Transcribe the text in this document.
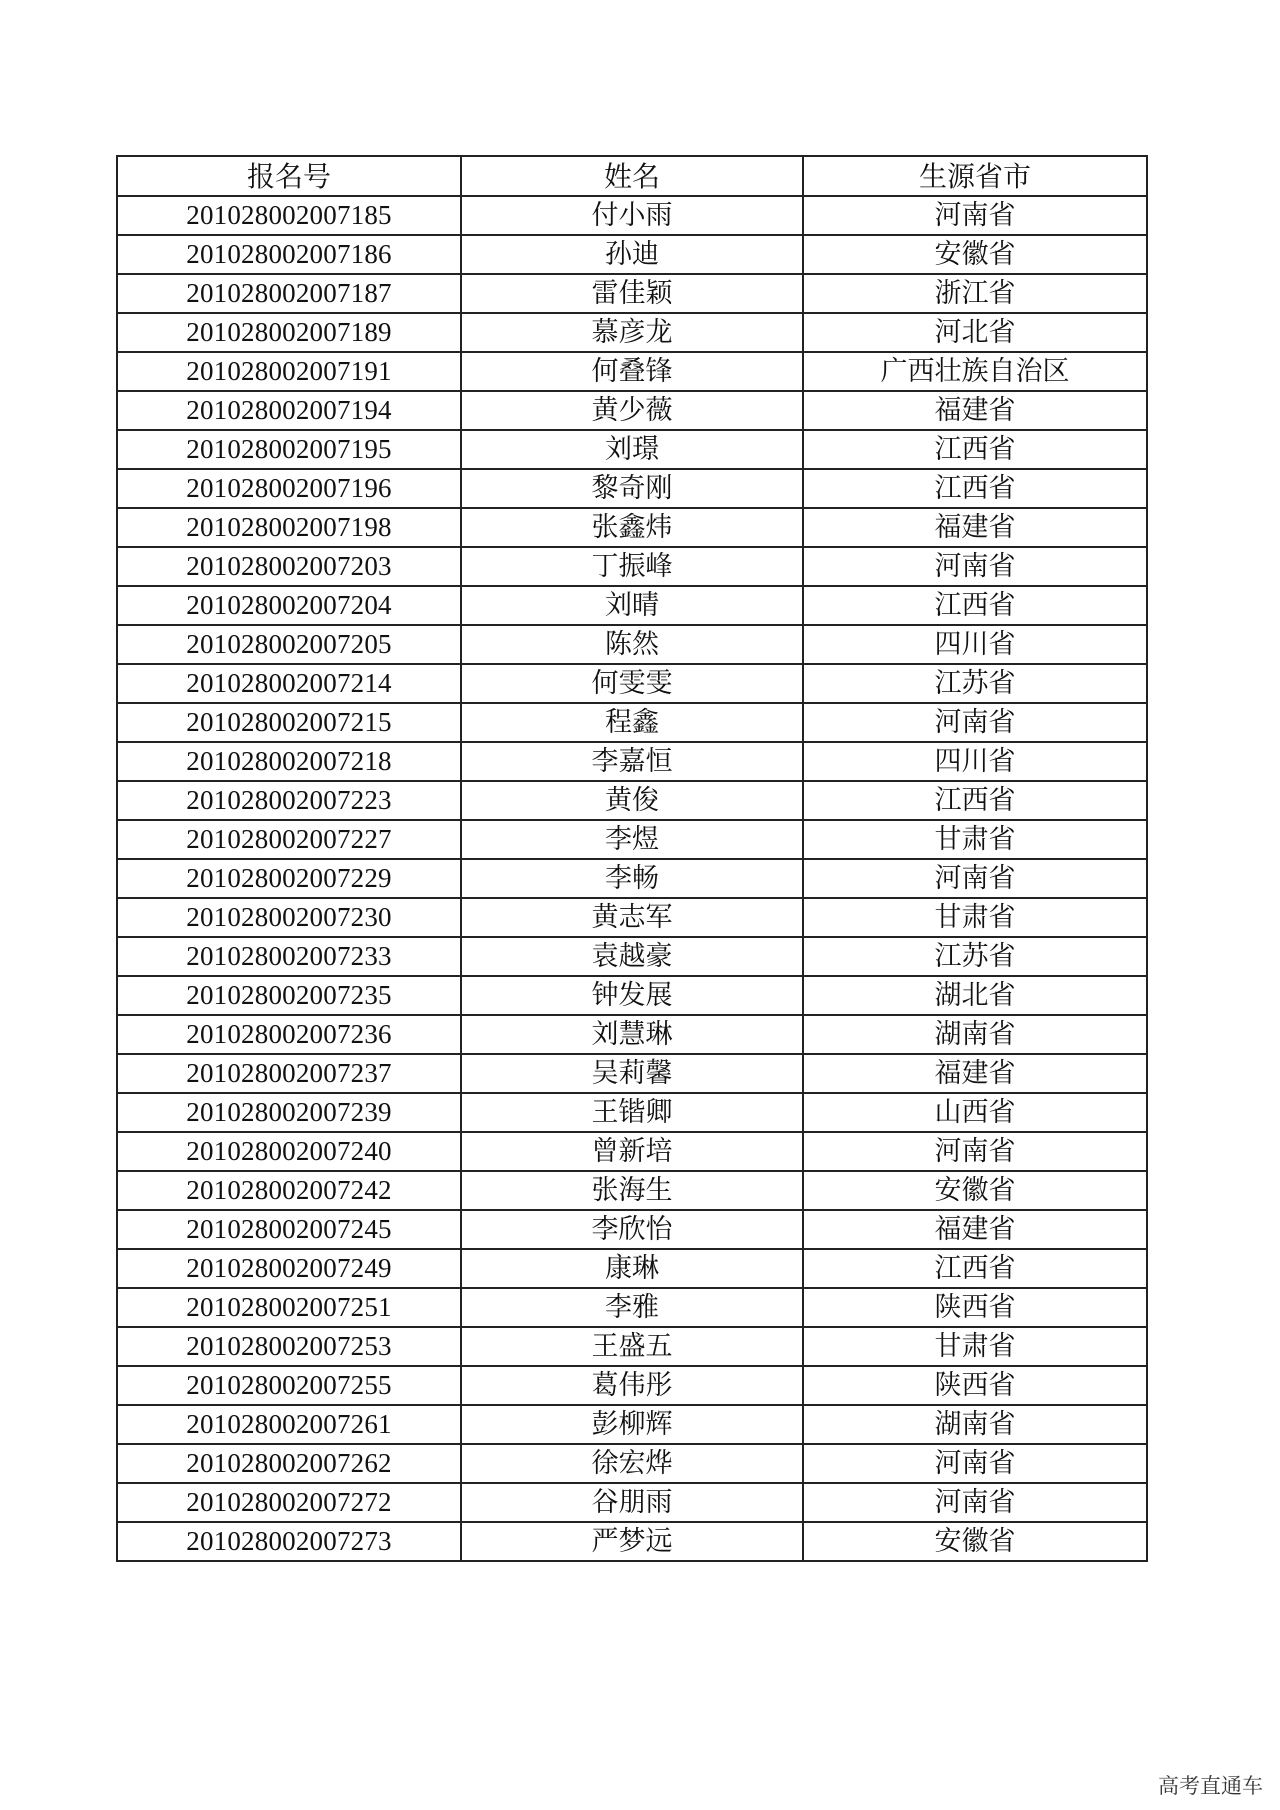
报名号	姓名	生源省市
201028002007185	付小雨	河南省
201028002007186	孙迪	安徽省
201028002007187	雷佳颖	浙江省
201028002007189	慕彦龙	河北省
201028002007191	何叠锋	广西壮族自治区
201028002007194	黄少薇	福建省
201028002007195	刘璟	江西省
201028002007196	黎奇刚	江西省
201028002007198	张鑫炜	福建省
201028002007203	丁振峰	河南省
201028002007204	刘晴	江西省
201028002007205	陈然	四川省
201028002007214	何雯雯	江苏省
201028002007215	程鑫	河南省
201028002007218	李嘉恒	四川省
201028002007223	黄俊	江西省
201028002007227	李煜	甘肃省
201028002007229	李畅	河南省
201028002007230	黄志军	甘肃省
201028002007233	袁越豪	江苏省
201028002007235	钟发展	湖北省
201028002007236	刘慧琳	湖南省
201028002007237	吴莉馨	福建省
201028002007239	王锴卿	山西省
201028002007240	曾新培	河南省
201028002007242	张海生	安徽省
201028002007245	李欣怡	福建省
201028002007249	康琳	江西省
201028002007251	李雅	陕西省
201028002007253	王盛五	甘肃省
201028002007255	葛伟彤	陕西省
201028002007261	彭柳辉	湖南省
201028002007262	徐宏烨	河南省
201028002007272	谷朋雨	河南省
201028002007273	严梦远	安徽省
高考直通车
